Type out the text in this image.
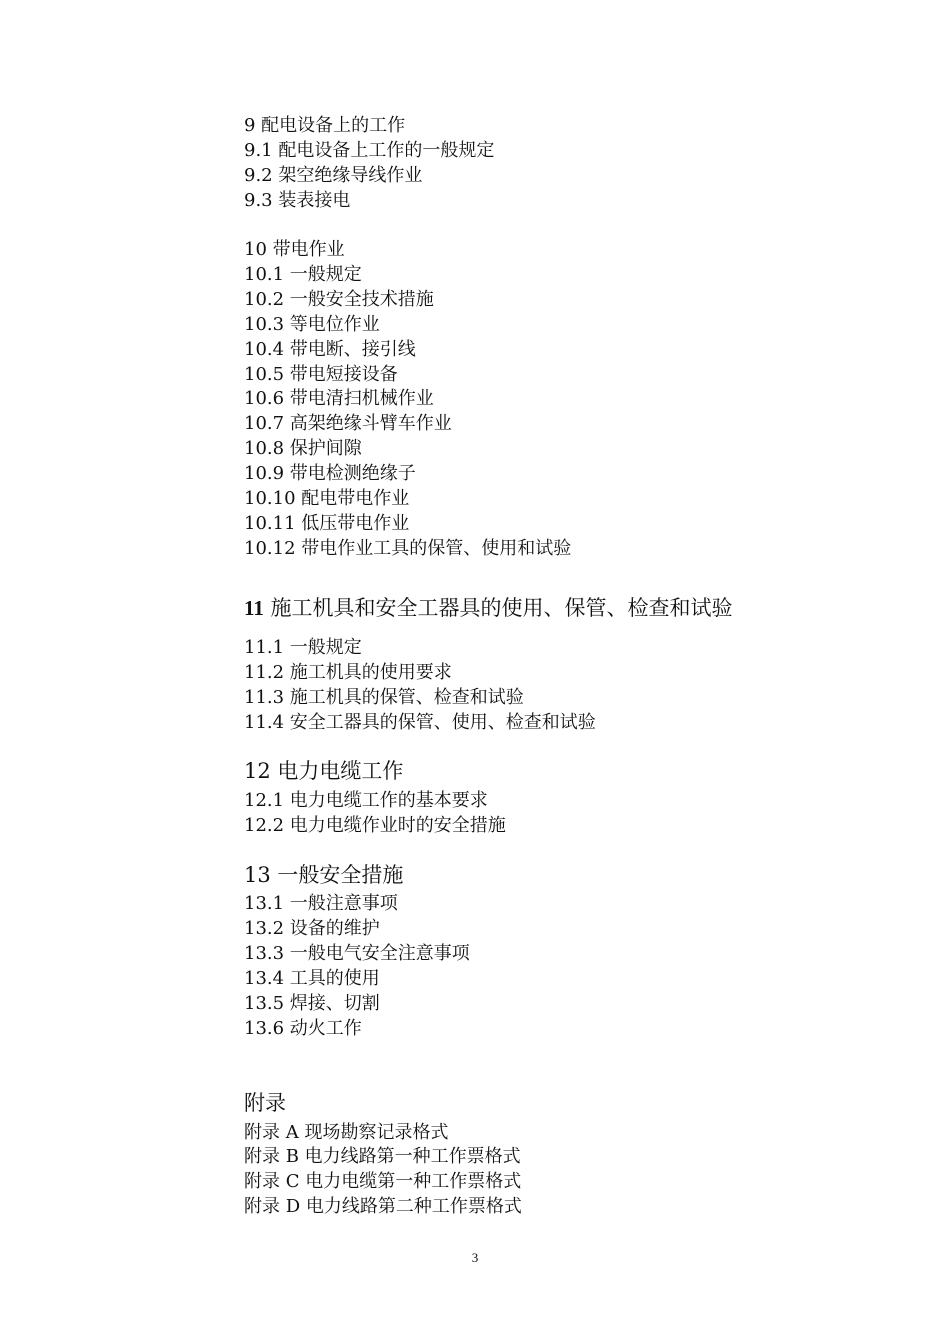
9 配电设备上的工作
9.1 配电设备上工作的一般规定
9.2 架空绝缘导线作业
9.3 装表接电
10 带电作业
10.1 一般规定
10.2 一般安全技术措施
10.3 等电位作业
10.4 带电断、接引线
10.5 带电短接设备
10.6 带电清扫机械作业
10.7 高架绝缘斗臂车作业
10.8 保护间隙
10.9 带电检测绝缘子
10.10 配电带电作业
10.11 低压带电作业
10.12 带电作业工具的保管、使用和试验
11 施工机具和安全工器具的使用、保管、检查和试验
11.1 一般规定
11.2 施工机具的使用要求
11.3 施工机具的保管、检查和试验
11.4 安全工器具的保管、使用、检查和试验
12 电力电缆工作
12.1 电力电缆工作的基本要求
12.2 电力电缆作业时的安全措施
13 一般安全措施
13.1 一般注意事项
13.2 设备的维护
13.3 一般电气安全注意事项
13.4 工具的使用
13.5 焊接、切割
13.6 动火工作
附录
附录 A 现场勘察记录格式
附录 B 电力线路第一种工作票格式
附录 C 电力电缆第一种工作票格式
附录 D 电力线路第二种工作票格式
3
